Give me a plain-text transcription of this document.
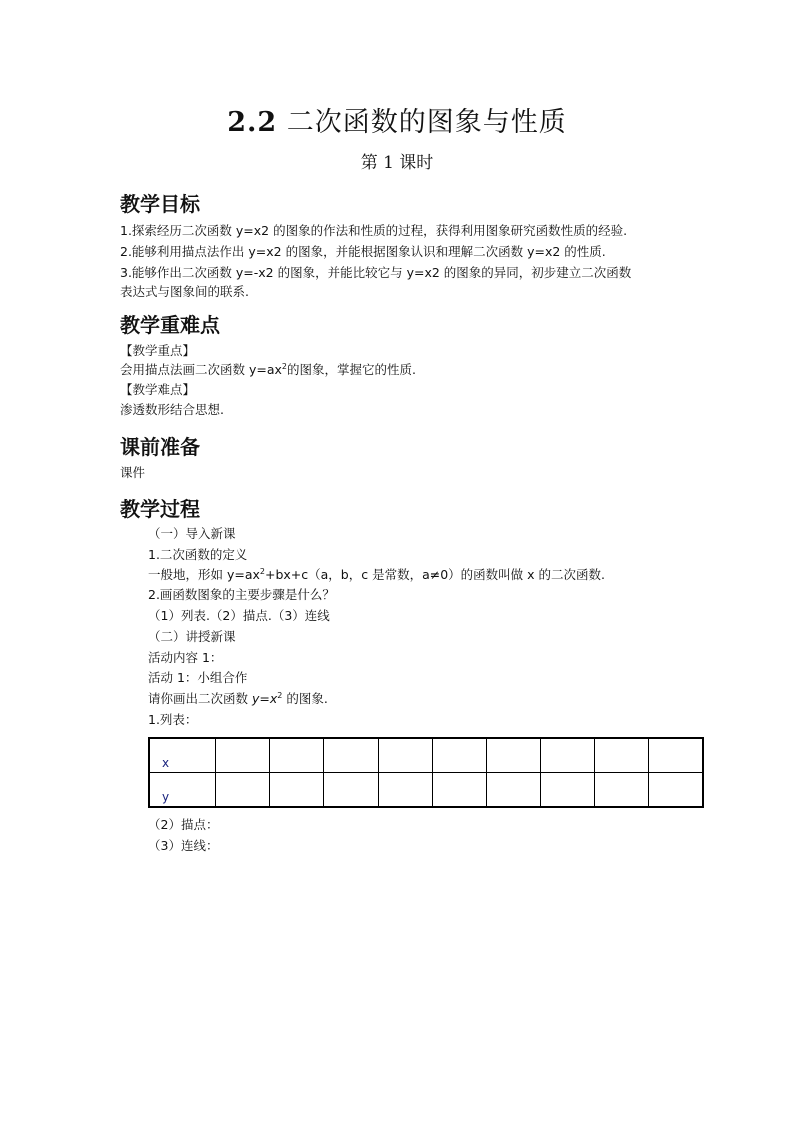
2.2 二次函数的图象与性质
第 1 课时
教学目标
1.探索经历二次函数 y=x2 的图象的作法和性质的过程，获得利用图象研究函数性质的经验.
2.能够利用描点法作出 y=x2 的图象，并能根据图象认识和理解二次函数 y=x2 的性质.
3.能够作出二次函数 y=-x2 的图象，并能比较它与 y=x2 的图象的异同，初步建立二次函数
表达式与图象间的联系.
教学重难点
【教学重点】
会用描点法画二次函数 $y=ax^2$的图象，掌握它的性质.
【教学难点】
渗透数形结合思想.
课前准备
课件
教学过程
（一）导入新课
1.二次函数的定义
一般地，形如 $y=ax^2+bx+c(a$，b，c 是常数，a≠0）的函数叫做 x 的二次函数.
2.画函数图象的主要步骤是什么？
（1）列表.（2）描点.（3）连线
（二）讲授新课
活动内容 1：
活动 1：小组合作
请你画出二次函数 $y=x^2$ 的图象.
1.列表：
x									
y									
（2）描点：
（3）连线：
